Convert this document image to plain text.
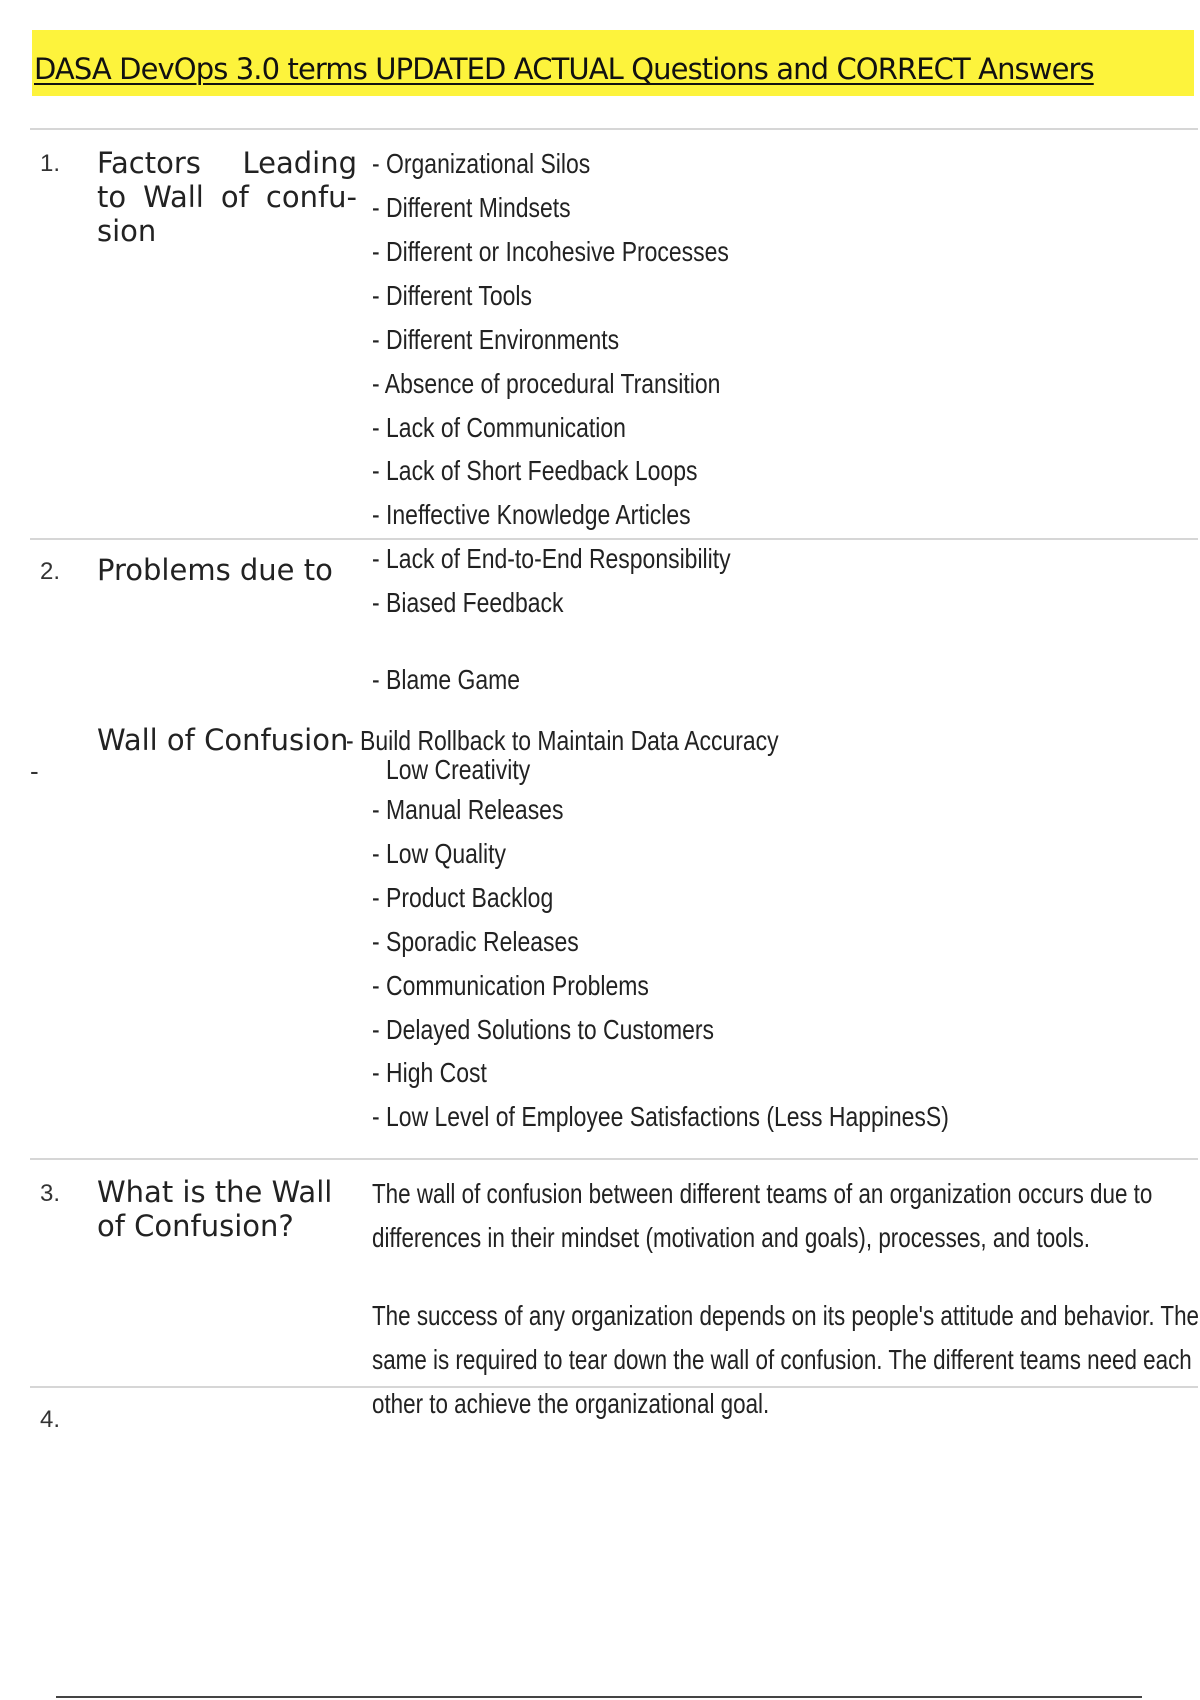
DASA DevOps 3.0 terms UPDATED ACTUAL Questions and CORRECT Answers
1. Factors Leading to Wall of confu- sion
- Organizational Silos
- Different Mindsets
- Different or Incohesive Processes
- Different Tools
- Different Environments
- Absence of procedural Transition
- Lack of Communication
- Lack of Short Feedback Loops
- Ineffective Knowledge Articles
2. Problems due to	- Lack of End-to-End Responsibility
- Biased Feedback
- Blame Game
Wall of Confusion
- Build Rollback to Maintain Data Accuracy
-	Low Creativity
- Manual Releases
- Low Quality
- Product Backlog
- Sporadic Releases
- Communication Problems
- Delayed Solutions to Customers
- High Cost
- Low Level of Employee Satisfactions (Less HappinesS)
3. What is the Wall of Confusion?
The wall of confusion between different teams of an organization occurs due to
differences in their mindset (motivation and goals), processes, and tools.
The success of any organization depends on its people's attitude and behavior. The
same is required to tear down the wall of confusion. The different teams need each
other to achieve the organizational goal.
4.
